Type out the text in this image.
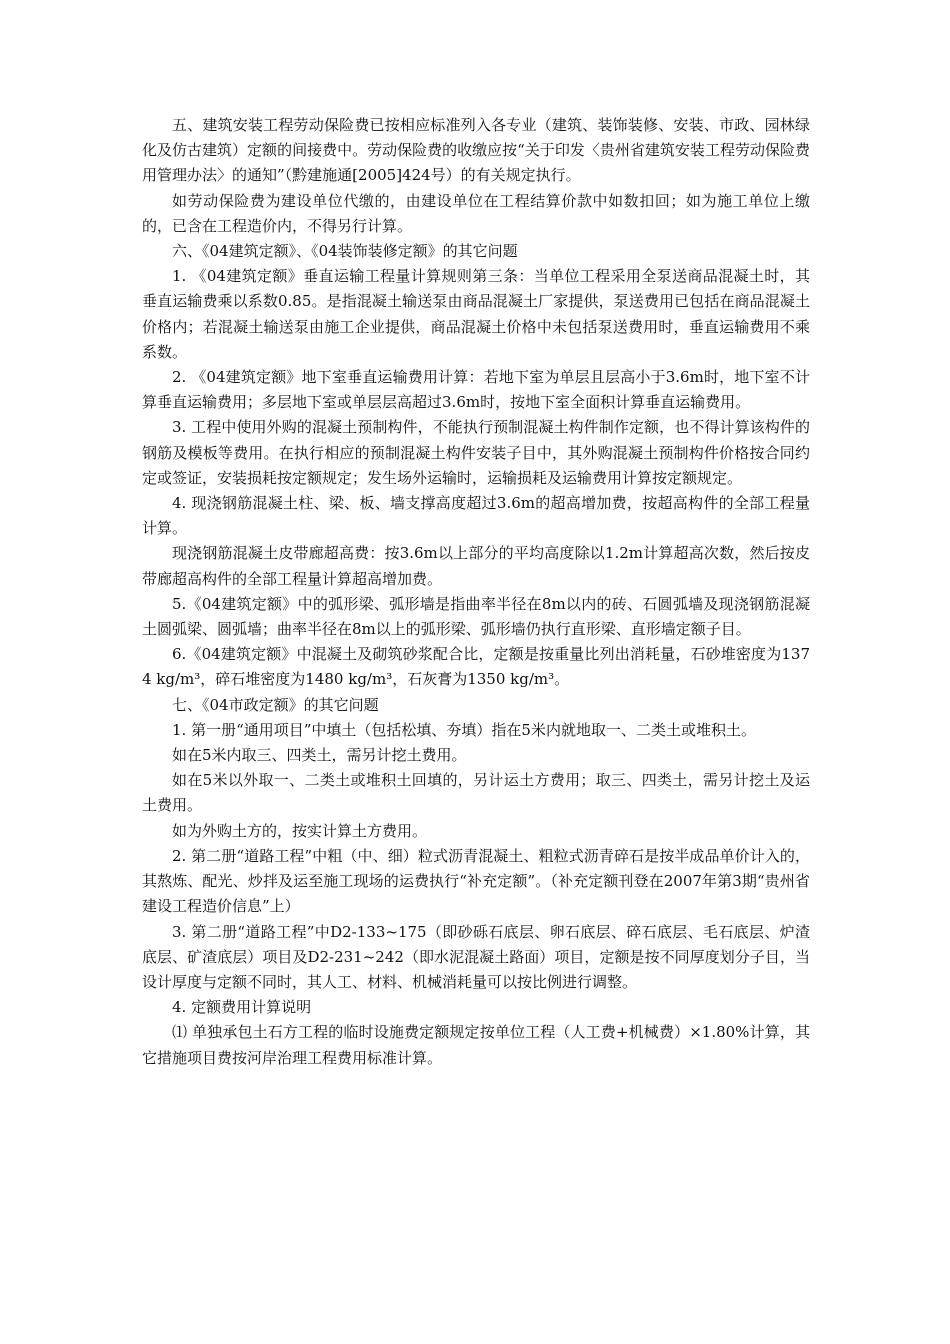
五、建筑安装工程劳动保险费已按相应标准列入各专业（建筑、装饰装修、安装、市政、园林绿化及仿古建筑）定额的间接费中。劳动保险费的收缴应按“关于印发〈贵州省建筑安装工程劳动保险费用管理办法〉的通知”（黔建施通[2005]424号）的有关规定执行。

如劳动保险费为建设单位代缴的，由建设单位在工程结算价款中如数扣回；如为施工单位上缴的，已含在工程造价内，不得另行计算。

六、《04建筑定额》、《04装饰装修定额》的其它问题

1. 《04建筑定额》垂直运输工程量计算规则第三条：当单位工程采用全泵送商品混凝土时，其垂直运输费乘以系数0.85。是指混凝土输送泵由商品混凝土厂家提供，泵送费用已包括在商品混凝土价格内；若混凝土输送泵由施工企业提供，商品混凝土价格中未包括泵送费用时，垂直运输费用不乘系数。

2. 《04建筑定额》地下室垂直运输费用计算：若地下室为单层且层高小于3.6m时，地下室不计算垂直运输费用；多层地下室或单层层高超过3.6m时，按地下室全面积计算垂直运输费用。

3. 工程中使用外购的混凝土预制构件，不能执行预制混凝土构件制作定额，也不得计算该构件的钢筋及模板等费用。在执行相应的预制混凝土构件安装子目中，其外购混凝土预制构件价格按合同约定或签证，安装损耗按定额规定；发生场外运输时，运输损耗及运输费用计算按定额规定。

4. 现浇钢筋混凝土柱、梁、板、墙支撑高度超过3.6m的超高增加费，按超高构件的全部工程量计算。

现浇钢筋混凝土皮带廊超高费：按3.6m以上部分的平均高度除以1.2m计算超高次数，然后按皮带廊超高构件的全部工程量计算超高增加费。

5.《04建筑定额》中的弧形梁、弧形墙是指曲率半径在8m以内的砖、石圆弧墙及现浇钢筋混凝土圆弧梁、圆弧墙；曲率半径在8m以上的弧形梁、弧形墙仍执行直形梁、直形墙定额子目。

6.《04建筑定额》中混凝土及砌筑砂浆配合比，定额是按重量比列出消耗量，石砂堆密度为1374 kg/m³，碎石堆密度为1480 kg/m³，石灰膏为1350 kg/m³。

七、《04市政定额》的其它问题

1. 第一册“通用项目”中填土（包括松填、夯填）指在5米内就地取一、二类土或堆积土。

如在5米内取三、四类土，需另计挖土费用。

如在5米以外取一、二类土或堆积土回填的，另计运土方费用；取三、四类土，需另计挖土及运土费用。

如为外购土方的，按实计算土方费用。

2. 第二册“道路工程”中粗（中、细）粒式沥青混凝土、粗粒式沥青碎石是按半成品单价计入的，其熬炼、配光、炒拌及运至施工现场的运费执行“补充定额”。（补充定额刊登在2007年第3期“贵州省建设工程造价信息”上）

3. 第二册“道路工程”中D2-133~175（即砂砾石底层、卵石底层、碎石底层、毛石底层、炉渣底层、矿渣底层）项目及D2-231~242（即水泥混凝土路面）项目，定额是按不同厚度划分子目，当设计厚度与定额不同时，其人工、材料、机械消耗量可以按比例进行调整。

4. 定额费用计算说明

⑴ 单独承包土石方工程的临时设施费定额规定按单位工程（人工费+机械费）×1.80%计算，其它措施项目费按河岸治理工程费用标准计算。
